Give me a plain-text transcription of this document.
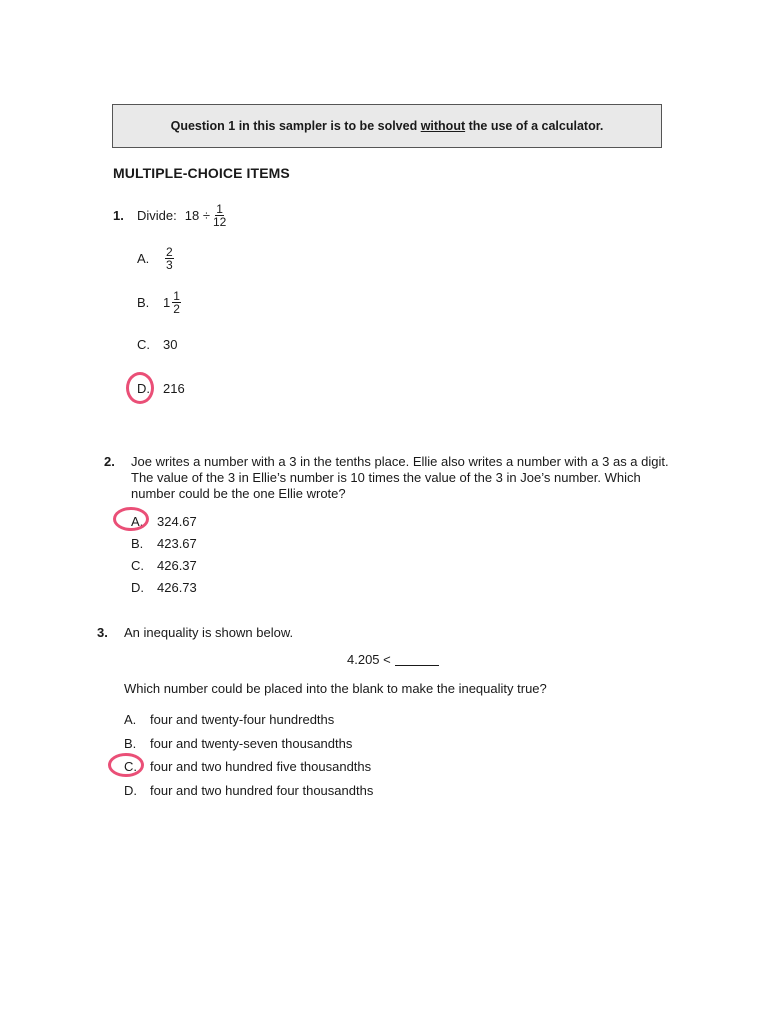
Question 1 in this sampler is to be solved without the use of a calculator.
MULTIPLE-CHOICE ITEMS
1.	Divide: $18 \div \frac{1}{12}$
A.	$\frac{2}{3}$
B.	$1 \frac{1}{2}$
C.	30
D.	216
2. Joe writes a number with a 3 in the tenths place. Ellie also writes a number with a 3 as a digit.
The value of the 3 in Ellie’s number is 10 times the value of the 3 in Joe’s number. Which
number could be the one Ellie wrote?
A.	324.67
B.	423.67
C.	426.37
D.	426.73
3.	An inequality is shown below.
4.205 <
Which number could be placed into the blank to make the inequality true?
A.	four and twenty-four hundredths
B.	four and twenty-seven thousandths
C.	four and two hundred five thousandths
D.	four and two hundred four thousandths
